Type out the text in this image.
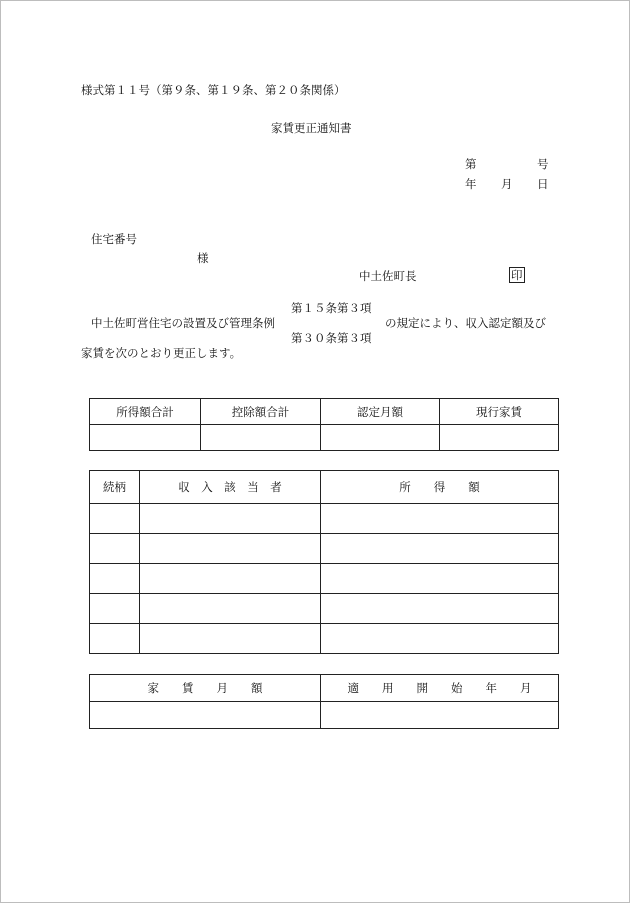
様式第１１号（第９条、第１９条、第２０条関係）
家賃更正通知書
第	号
年 月 日
住宅番号
様
中土佐町長	印
第１５条第３項
中土佐町営住宅の設置及び管理条例	の規定により、収入認定額及び
第３０条第３項
家賃を次のとおり更正します。
所得額合計	控除額合計	認定月額	現行家賃

続柄	収　入　該　当　者	所　　得　　額

家　　賃　　月　　額	適　　用　　開　　始　　年　　月
